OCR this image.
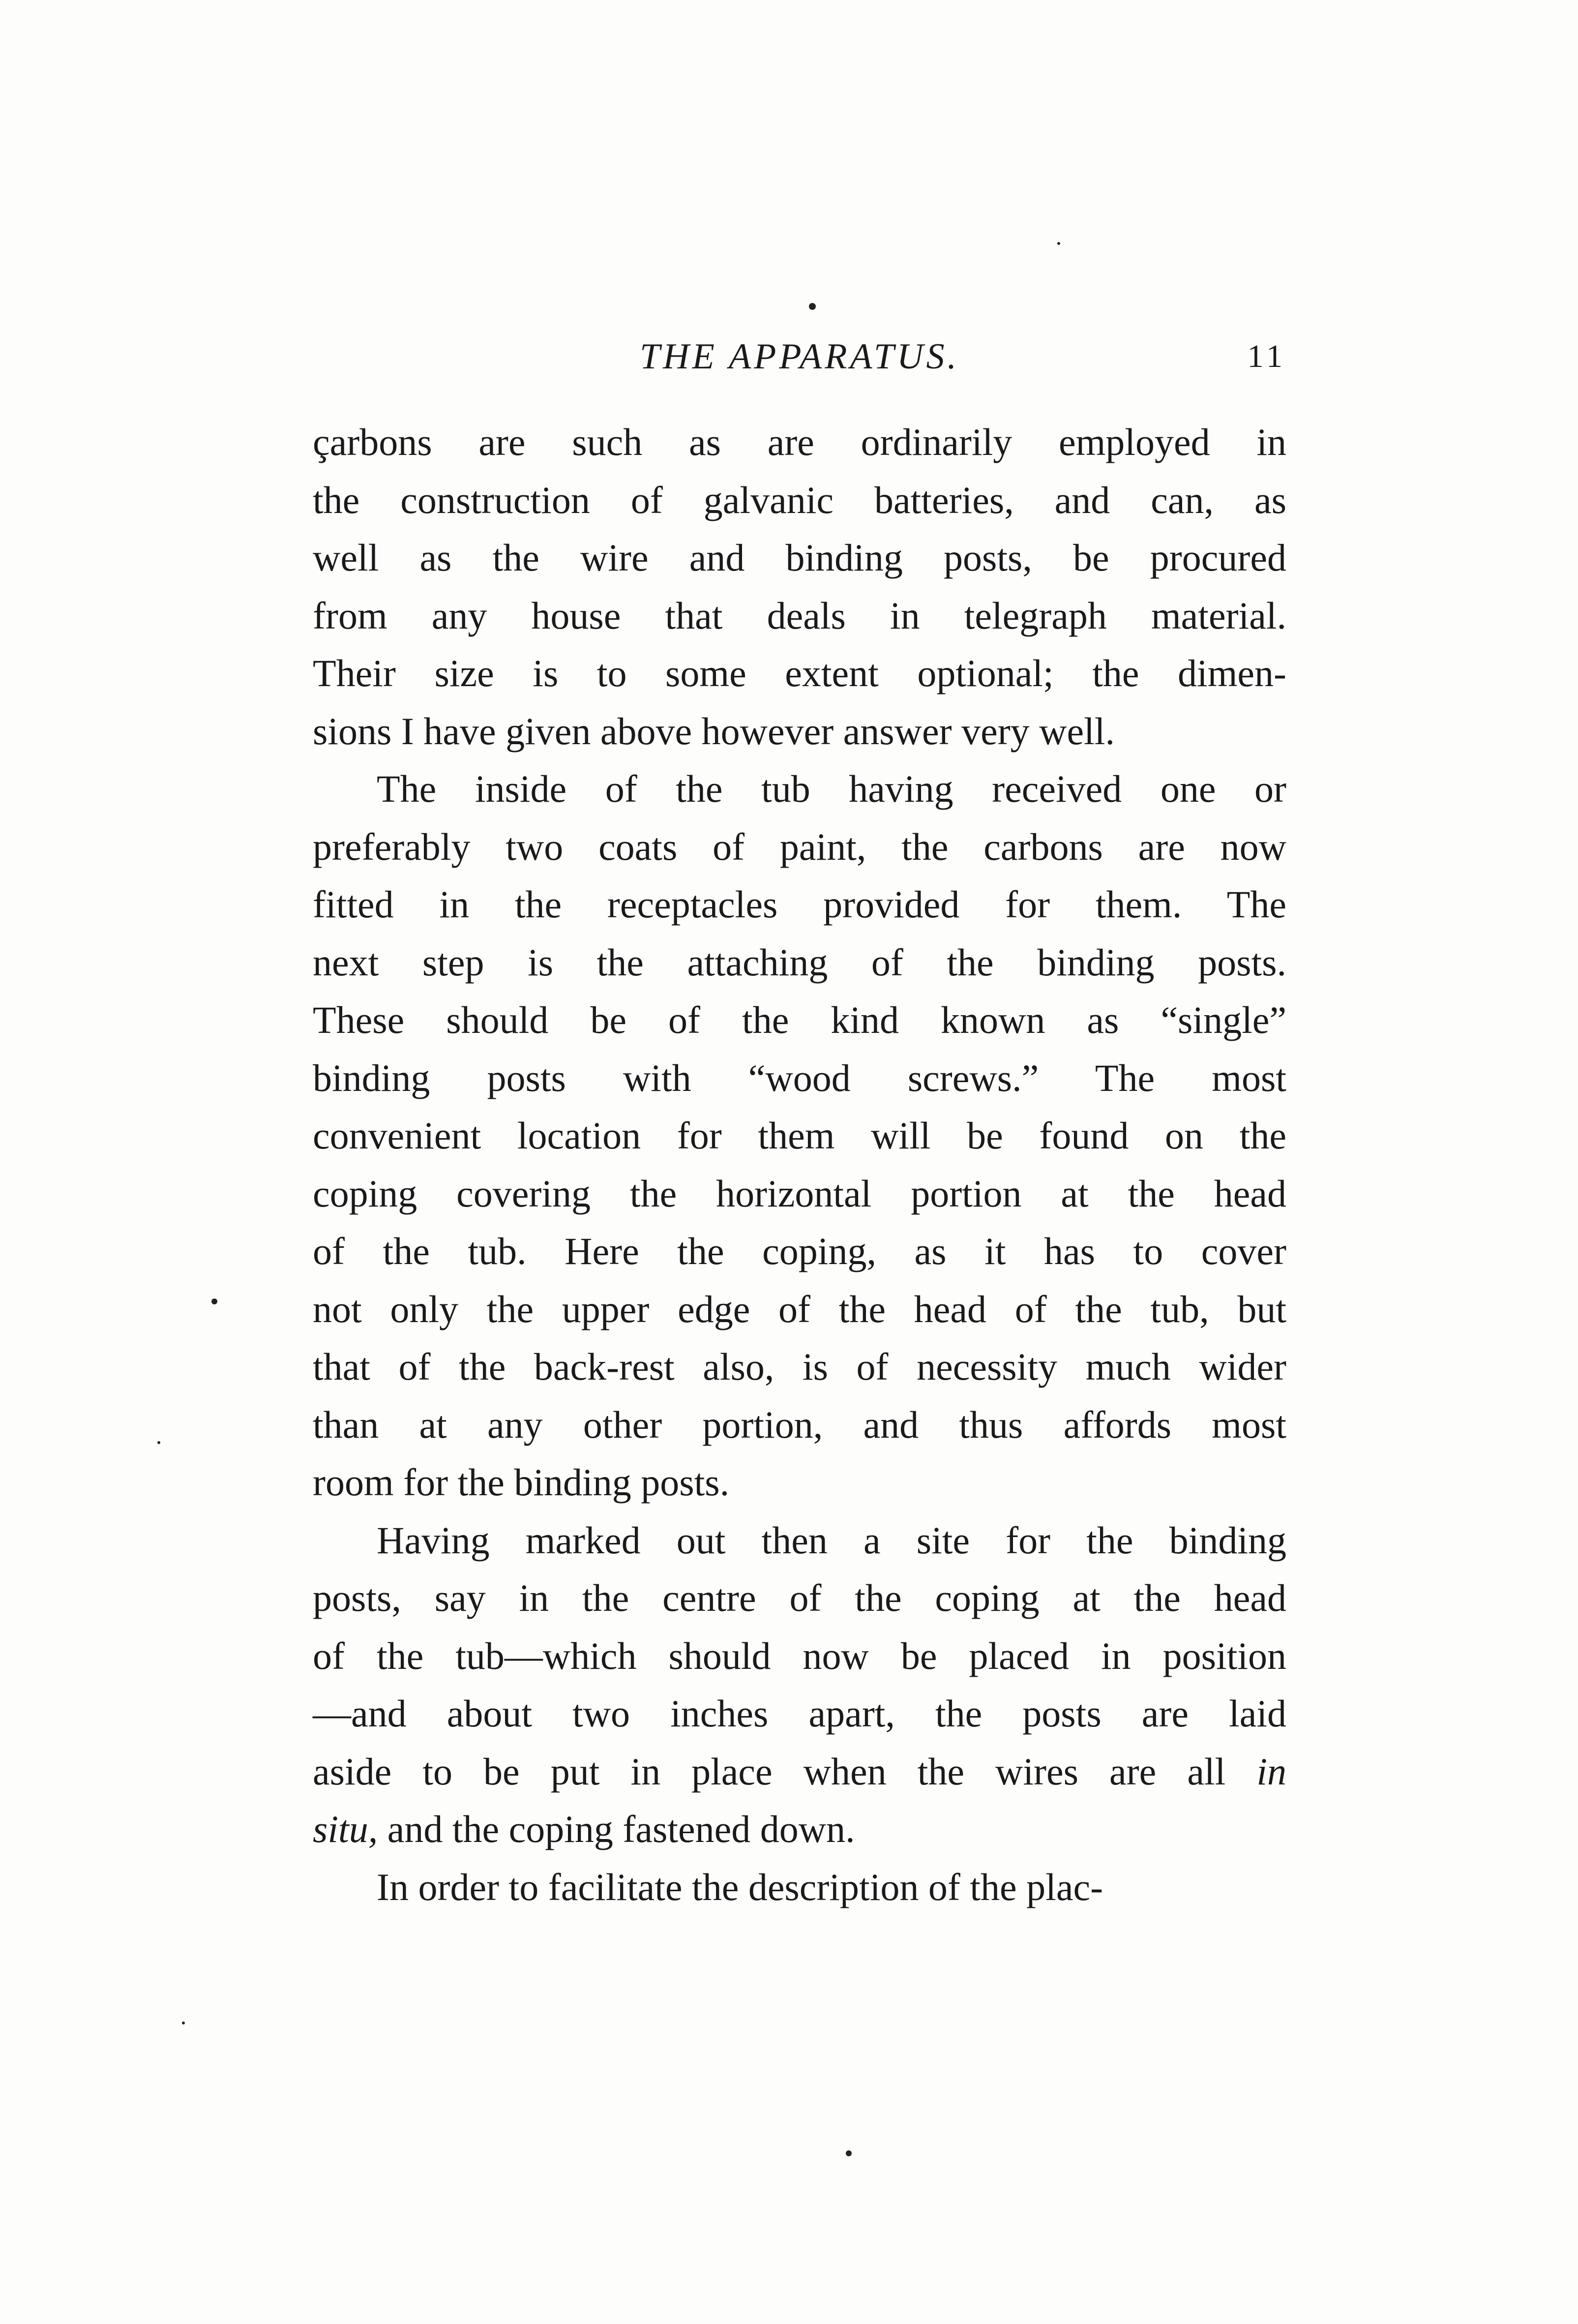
THE APPARATUS.	11
çarbons are such as are ordinarily employed in
the construction of galvanic batteries, and can, as
well as the wire and binding posts, be procured
from any house that deals in telegraph material.
Their size is to some extent optional; the dimen-
sions I have given above however answer very well.
The inside of the tub having received one or
preferably two coats of paint, the carbons are now
fitted in the receptacles provided for them. The
next step is the attaching of the binding posts.
These should be of the kind known as “single”
binding posts with “wood screws.” The most
convenient location for them will be found on the
coping covering the horizontal portion at the head
of the tub. Here the coping, as it has to cover
not only the upper edge of the head of the tub, but
that of the back-rest also, is of necessity much wider
than at any other portion, and thus affords most
room for the binding posts.
Having marked out then a site for the binding
posts, say in the centre of the coping at the head
of the tub—which should now be placed in position
—and about two inches apart, the posts are laid
aside to be put in place when the wires are all in
situ, and the coping fastened down.
In order to facilitate the description of the plac-
